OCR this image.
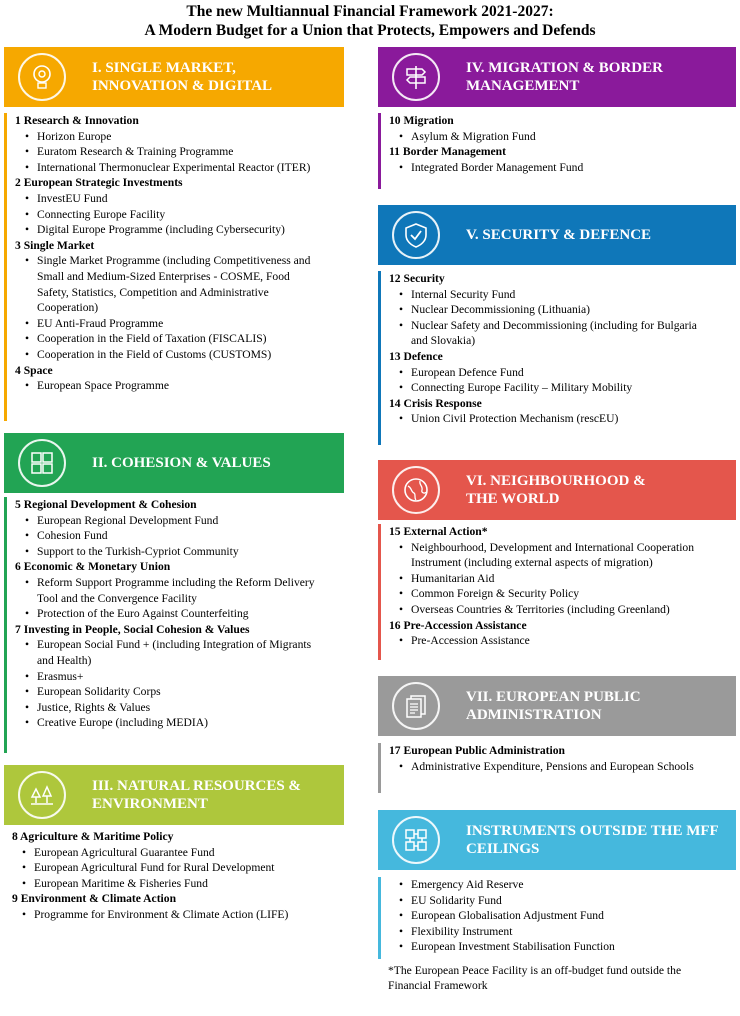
The new Multiannual Financial Framework 2021-2027:
A Modern Budget for a Union that Protects, Empowers and Defends
I. SINGLE MARKET,
INNOVATION & DIGITAL
1 Research & Innovation
• Horizon Europe
• Euratom Research & Training Programme
• International Thermonuclear Experimental Reactor (ITER)
2 European Strategic Investments
• InvestEU Fund
• Connecting Europe Facility
• Digital Europe Programme (including Cybersecurity)
3 Single Market
• Single Market Programme (including Competitiveness and
Small and Medium-Sized Enterprises - COSME, Food
Safety, Statistics, Competition and Administrative
Cooperation)
• EU Anti-Fraud Programme
• Cooperation in the Field of Taxation (FISCALIS)
• Cooperation in the Field of Customs (CUSTOMS)
4 Space
• European Space Programme
II. COHESION & VALUES
5 Regional Development & Cohesion
• European Regional Development Fund
• Cohesion Fund
• Support to the Turkish-Cypriot Community
6 Economic & Monetary Union
• Reform Support Programme including the Reform Delivery
Tool and the Convergence Facility
• Protection of the Euro Against Counterfeiting
7 Investing in People, Social Cohesion & Values
• European Social Fund + (including Integration of Migrants
and Health)
• Erasmus+
• European Solidarity Corps
• Justice, Rights & Values
• Creative Europe (including MEDIA)
III. NATURAL RESOURCES &
ENVIRONMENT
8 Agriculture & Maritime Policy
• European Agricultural Guarantee Fund
• European Agricultural Fund for Rural Development
• European Maritime & Fisheries Fund
9 Environment & Climate Action
• Programme for Environment & Climate Action (LIFE)
IV. MIGRATION & BORDER
MANAGEMENT
10 Migration
• Asylum & Migration Fund
11 Border Management
• Integrated Border Management Fund
V. SECURITY & DEFENCE
12 Security
• Internal Security Fund
• Nuclear Decommissioning (Lithuania)
• Nuclear Safety and Decommissioning (including for Bulgaria
and Slovakia)
13 Defence
• European Defence Fund
• Connecting Europe Facility – Military Mobility
14 Crisis Response
• Union Civil Protection Mechanism (rescEU)
VI. NEIGHBOURHOOD &
THE WORLD
15 External Action*
• Neighbourhood, Development and International Cooperation
Instrument (including external aspects of migration)
• Humanitarian Aid
• Common Foreign & Security Policy
• Overseas Countries & Territories (including Greenland)
16 Pre-Accession Assistance
• Pre-Accession Assistance
VII. EUROPEAN PUBLIC
ADMINISTRATION
17 European Public Administration
• Administrative Expenditure, Pensions and European Schools
INSTRUMENTS OUTSIDE THE MFF
CEILINGS
• Emergency Aid Reserve
• EU Solidarity Fund
• European Globalisation Adjustment Fund
• Flexibility Instrument
• European Investment Stabilisation Function
*The European Peace Facility is an off-budget fund outside the
Financial Framework
